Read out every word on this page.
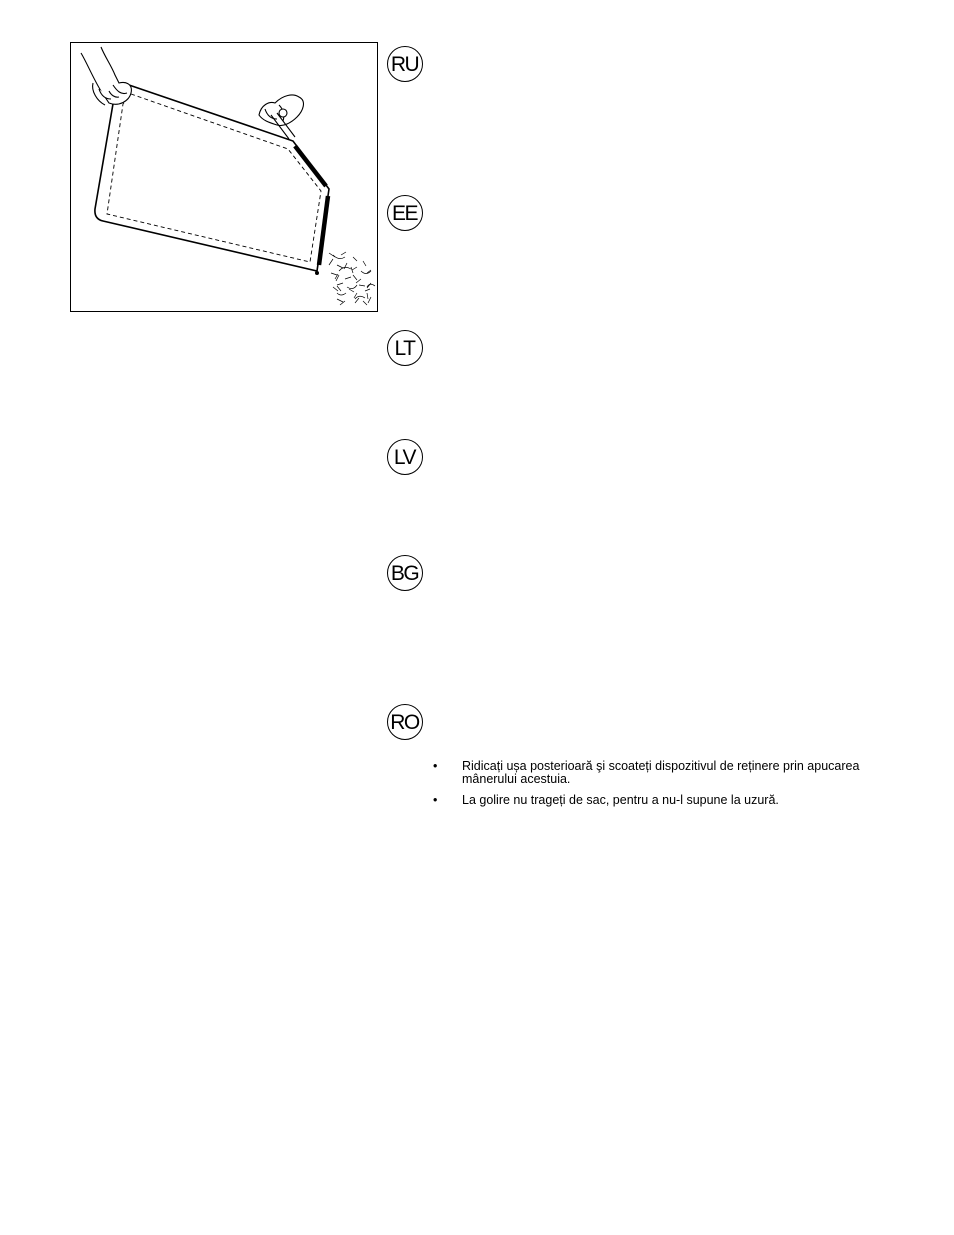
RU
EE
LT
LV
BG
RO
• Ridicați ușa posterioară şi scoateți dispozitivul de reținere prin apucarea mânerului acestuia.
• La golire nu trageți de sac, pentru a nu-l supune la uzură.
